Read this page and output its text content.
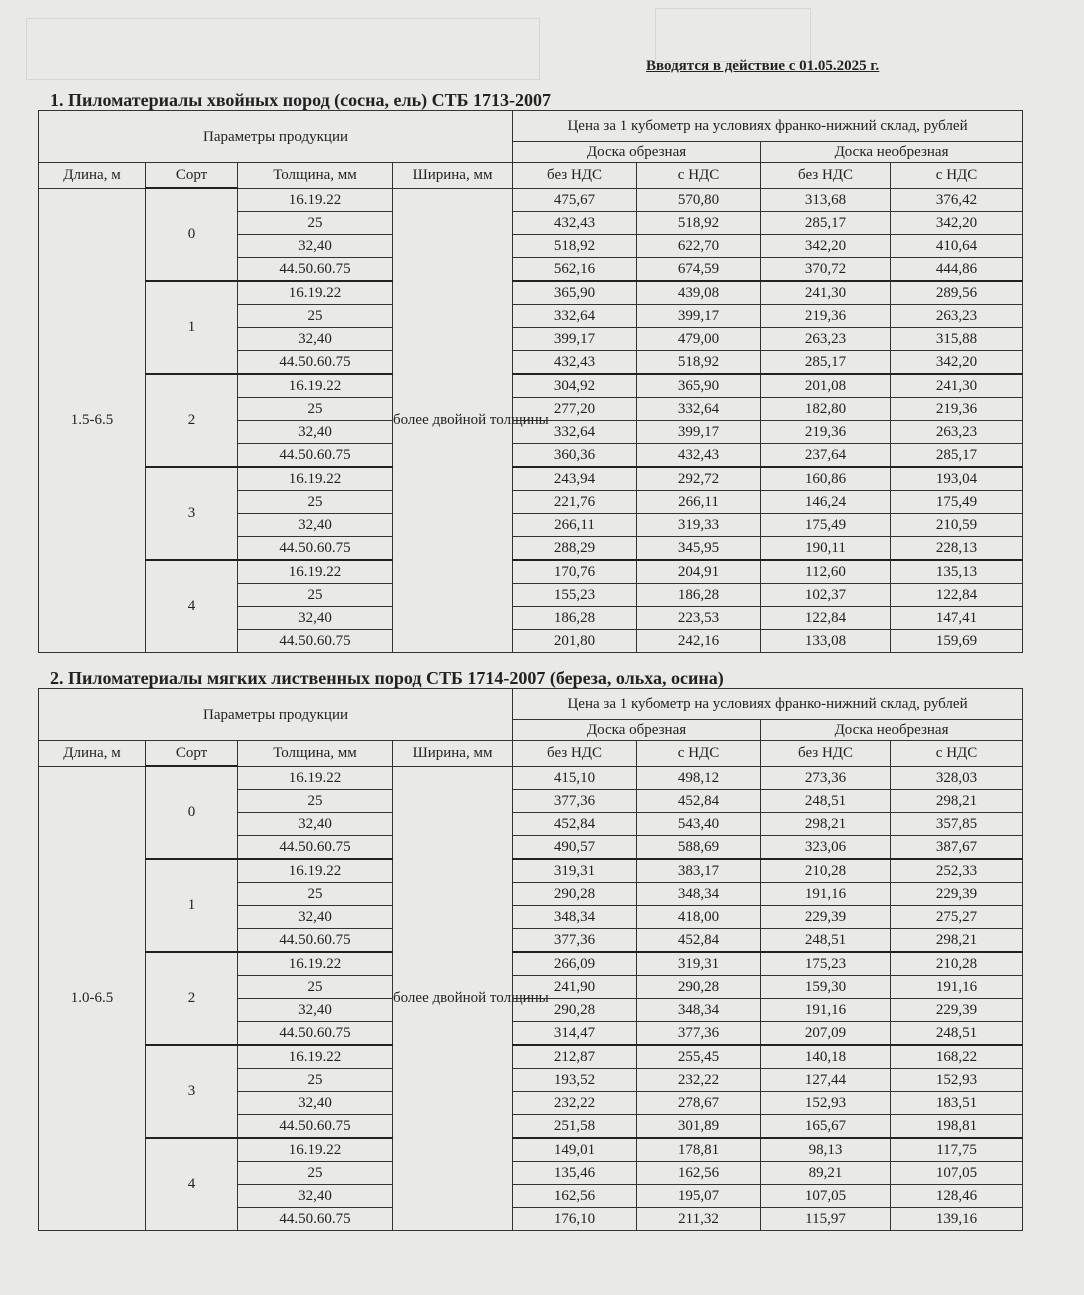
Вводятся в действие с 01.05.2025 г.
1. Пиломатериалы хвойных пород (сосна, ель) СТБ 1713-2007
Параметры продукции				Цена за 1 кубометр на условиях франко-нижний склад, рублей			
				Доска обрезная		Доска необрезная	
Длина, м	Сорт	Толщина, мм	Ширина, мм	без НДС	с НДС	без НДС	с НДС
1.5-6.5	0	16.19.22	более двойной толщины	475,67	570,80	313,68	376,42
		25		432,43	518,92	285,17	342,20
		32,40		518,92	622,70	342,20	410,64
		44.50.60.75		562,16	674,59	370,72	444,86
	1	16.19.22		365,90	439,08	241,30	289,56
		25		332,64	399,17	219,36	263,23
		32,40		399,17	479,00	263,23	315,88
		44.50.60.75		432,43	518,92	285,17	342,20
	2	16.19.22		304,92	365,90	201,08	241,30
		25		277,20	332,64	182,80	219,36
		32,40		332,64	399,17	219,36	263,23
		44.50.60.75		360,36	432,43	237,64	285,17
	3	16.19.22		243,94	292,72	160,86	193,04
		25		221,76	266,11	146,24	175,49
		32,40		266,11	319,33	175,49	210,59
		44.50.60.75		288,29	345,95	190,11	228,13
	4	16.19.22		170,76	204,91	112,60	135,13
		25		155,23	186,28	102,37	122,84
		32,40		186,28	223,53	122,84	147,41
		44.50.60.75		201,80	242,16	133,08	159,69
2. Пиломатериалы мягких лиственных пород СТБ 1714-2007 (береза, ольха, осина)
Параметры продукции				Цена за 1 кубометр на условиях франко-нижний склад, рублей			
				Доска обрезная		Доска необрезная	
Длина, м	Сорт	Толщина, мм	Ширина, мм	без НДС	с НДС	без НДС	с НДС
1.0-6.5	0	16.19.22	более двойной толщины	415,10	498,12	273,36	328,03
		25		377,36	452,84	248,51	298,21
		32,40		452,84	543,40	298,21	357,85
		44.50.60.75		490,57	588,69	323,06	387,67
	1	16.19.22		319,31	383,17	210,28	252,33
		25		290,28	348,34	191,16	229,39
		32,40		348,34	418,00	229,39	275,27
		44.50.60.75		377,36	452,84	248,51	298,21
	2	16.19.22		266,09	319,31	175,23	210,28
		25		241,90	290,28	159,30	191,16
		32,40		290,28	348,34	191,16	229,39
		44.50.60.75		314,47	377,36	207,09	248,51
	3	16.19.22		212,87	255,45	140,18	168,22
		25		193,52	232,22	127,44	152,93
		32,40		232,22	278,67	152,93	183,51
		44.50.60.75		251,58	301,89	165,67	198,81
	4	16.19.22		149,01	178,81	98,13	117,75
		25		135,46	162,56	89,21	107,05
		32,40		162,56	195,07	107,05	128,46
		44.50.60.75		176,10	211,32	115,97	139,16
